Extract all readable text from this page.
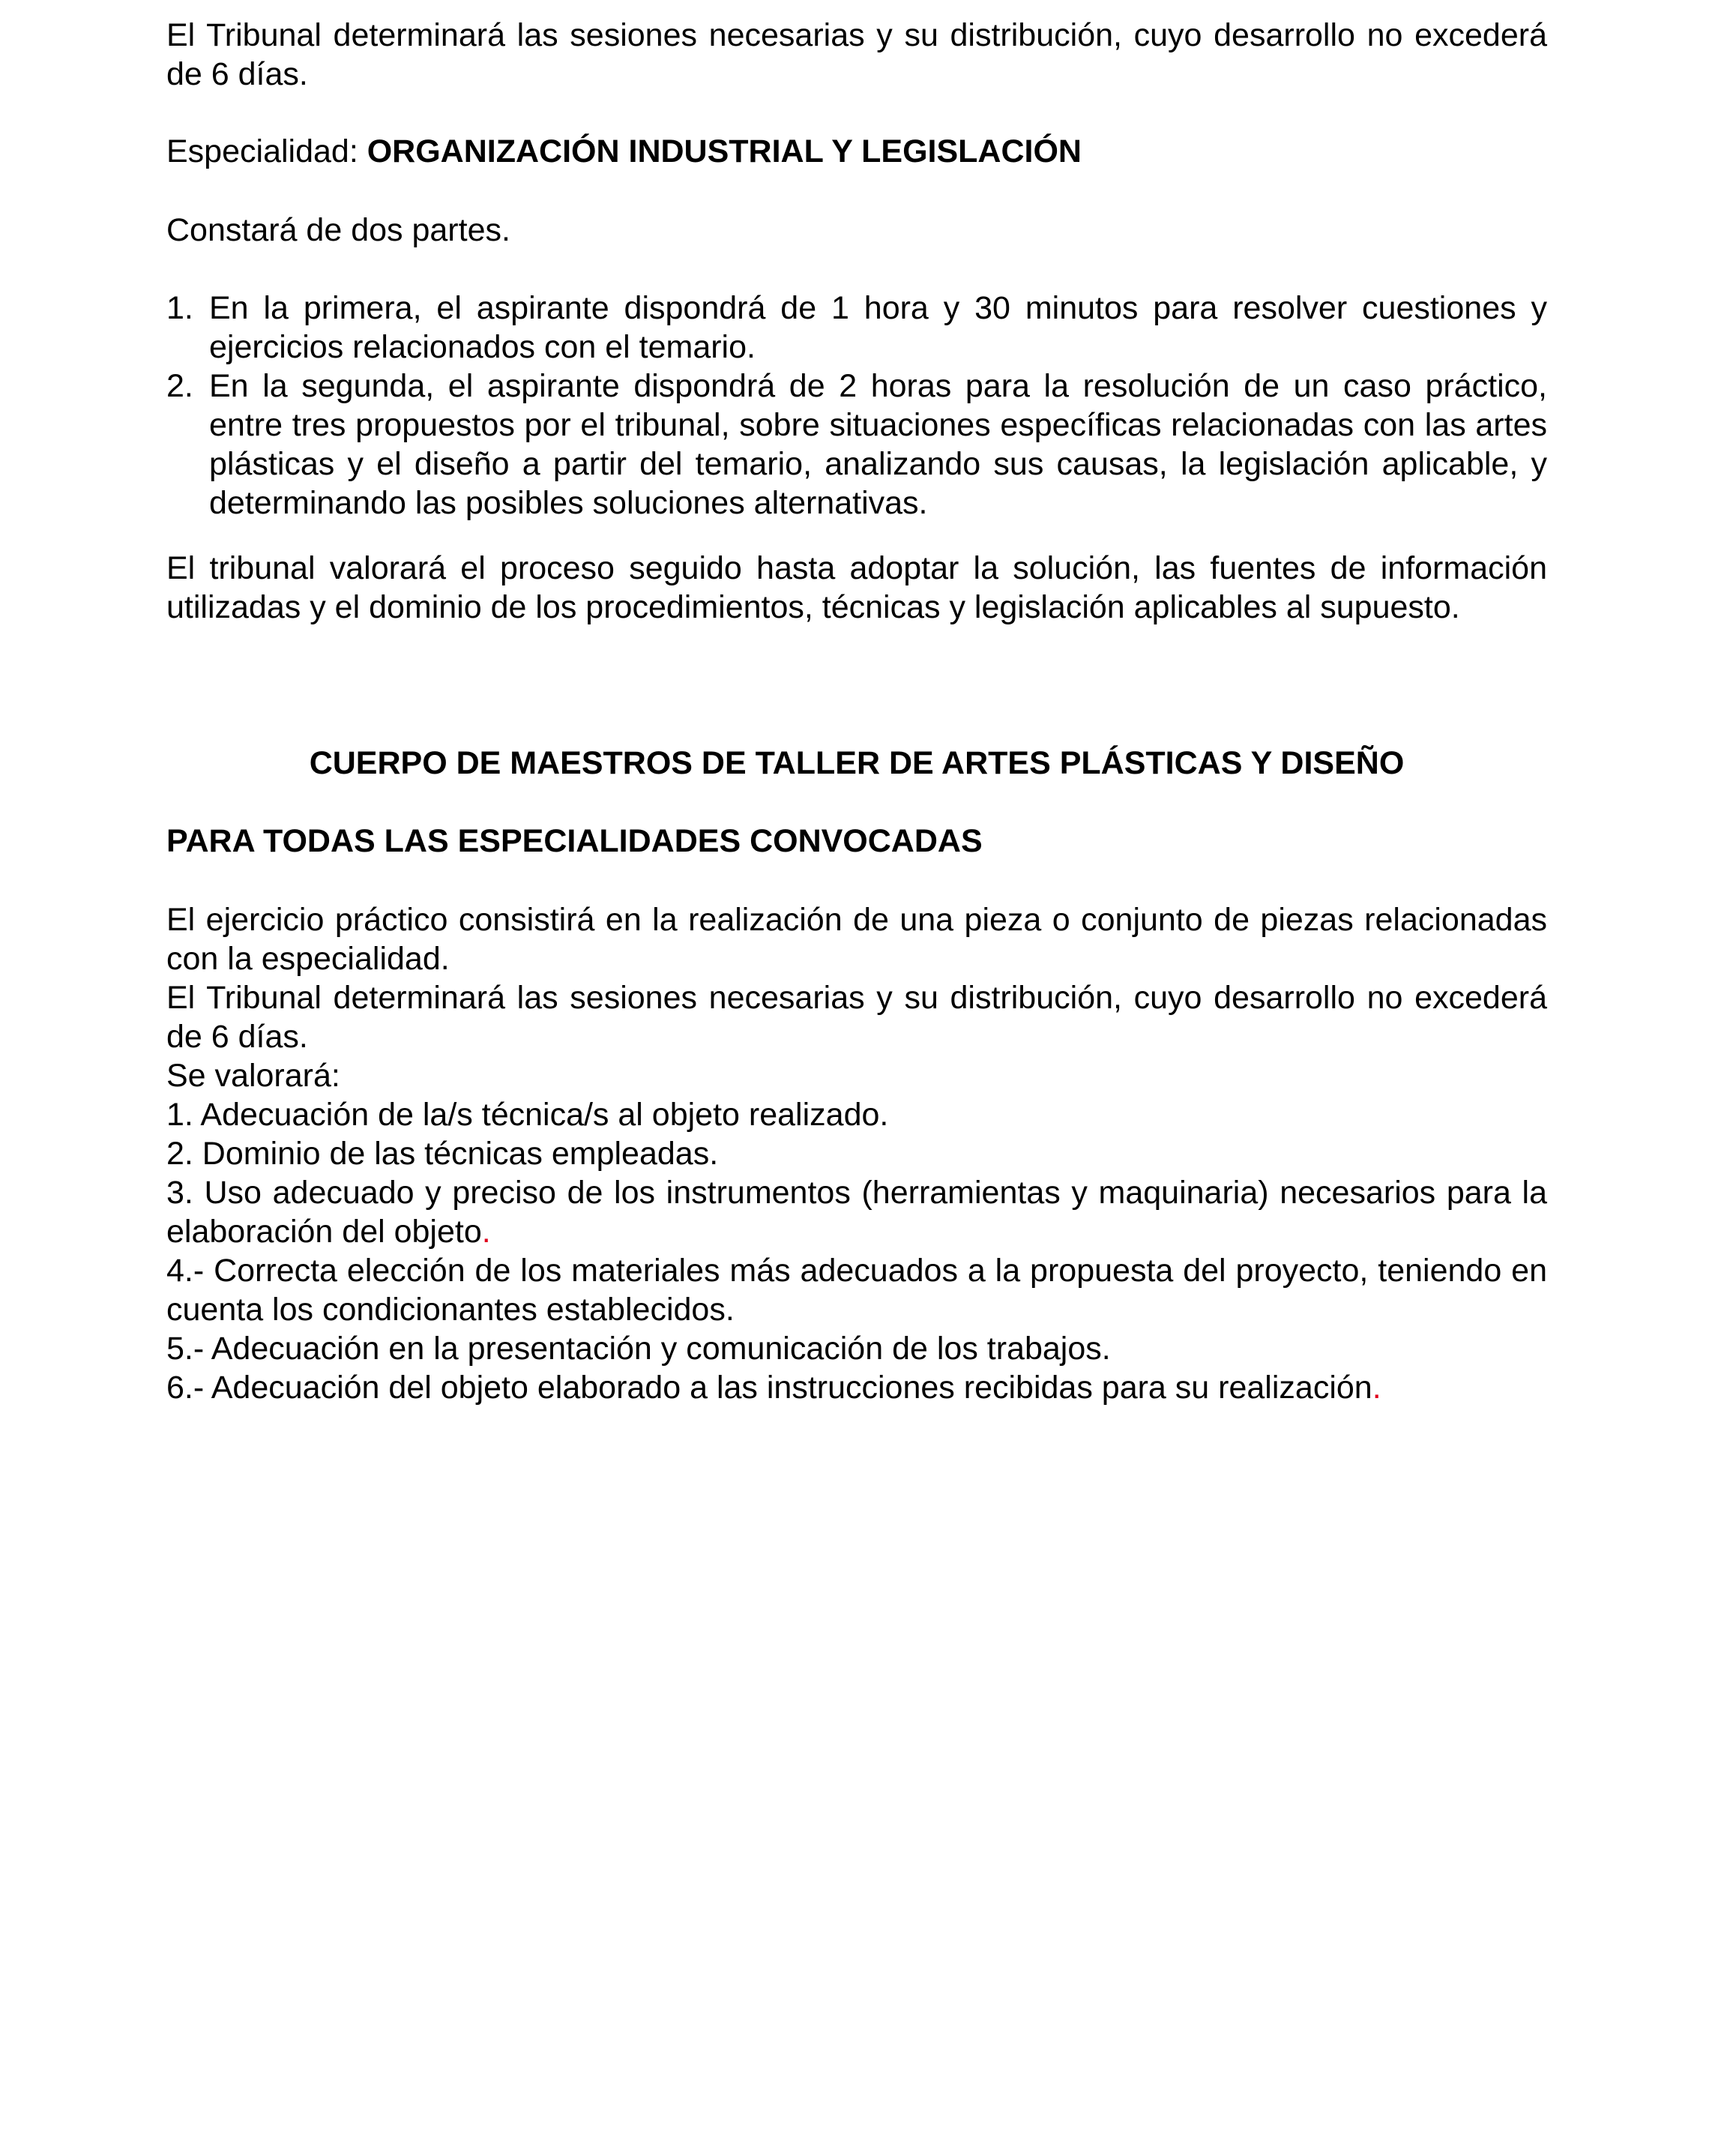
El Tribunal determinará las sesiones necesarias y su distribución, cuyo desarrollo no excederá de 6 días.

Especialidad: ORGANIZACIÓN INDUSTRIAL Y LEGISLACIÓN

Constará de dos partes.

1. En la primera, el aspirante dispondrá de 1 hora y 30 minutos para resolver cuestiones y ejercicios relacionados con el temario.
2. En la segunda, el aspirante dispondrá de 2 horas para la resolución de un caso práctico, entre tres propuestos por el tribunal, sobre situaciones específicas relacionadas con las artes plásticas y el diseño a partir del temario, analizando sus causas, la legislación aplicable, y determinando las posibles soluciones alternativas.

El tribunal valorará el proceso seguido hasta adoptar la solución, las fuentes de información utilizadas y el dominio de los procedimientos, técnicas y legislación aplicables al supuesto.

CUERPO DE MAESTROS DE TALLER DE ARTES PLÁSTICAS Y DISEÑO

PARA TODAS LAS ESPECIALIDADES CONVOCADAS

El ejercicio práctico consistirá en la realización de una pieza o conjunto de piezas relacionadas con la especialidad.

El Tribunal determinará las sesiones necesarias y su distribución, cuyo desarrollo no excederá de 6 días.

Se valorará:

1. Adecuación de la/s técnica/s al objeto realizado.

2. Dominio de las técnicas empleadas.

3. Uso adecuado y preciso de los instrumentos (herramientas y maquinaria) necesarios para la elaboración del objeto.

4.- Correcta elección de los materiales más adecuados a la propuesta del proyecto, teniendo en cuenta los condicionantes establecidos.

5.- Adecuación en la presentación y comunicación de los trabajos.

6.- Adecuación del objeto elaborado a las instrucciones recibidas para su realización.
